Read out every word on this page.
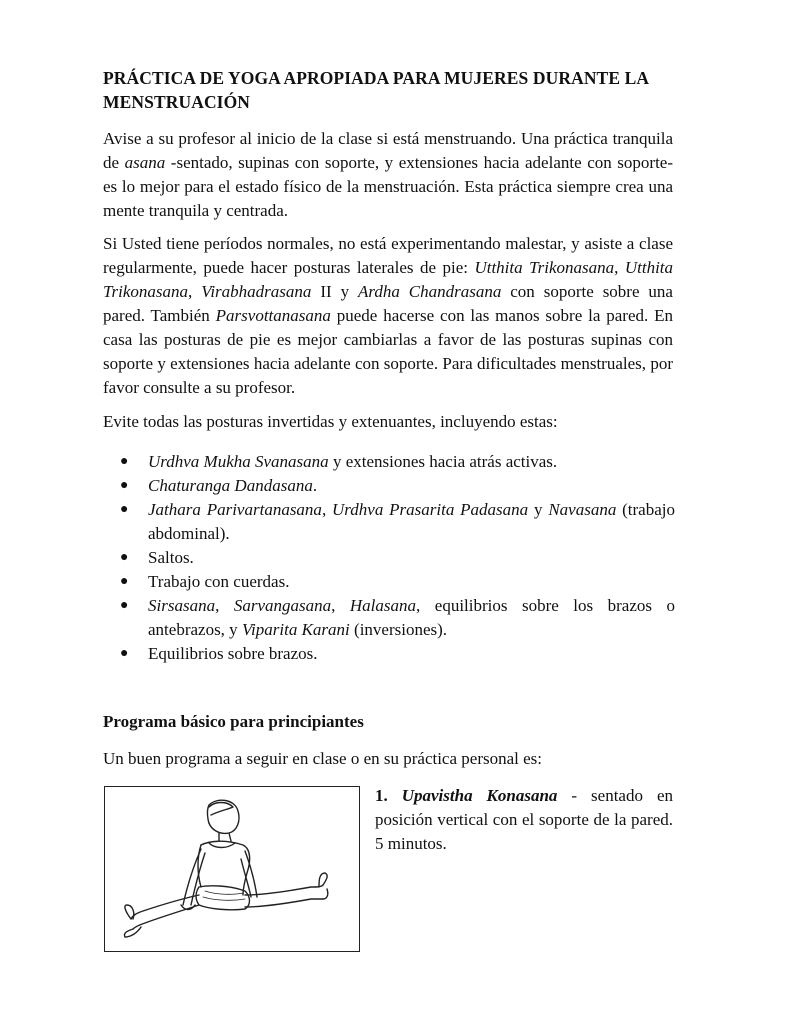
PRÁCTICA DE YOGA APROPIADA PARA MUJERES DURANTE LA MENSTRUACIÓN
Avise a su profesor al inicio de la clase si está menstruando. Una práctica tranquila de asana -sentado, supinas con soporte, y extensiones hacia adelante con soporte- es lo mejor para el estado físico de la menstruación. Esta práctica siempre crea una mente tranquila y centrada.
Si Usted tiene períodos normales, no está experimentando malestar, y asiste a clase regularmente, puede hacer posturas laterales de pie: Utthita Trikonasana, Utthita Trikonasana, Virabhadrasana II y Ardha Chandrasana con soporte sobre una pared. También Parsvottanasana puede hacerse con las manos sobre la pared. En casa las posturas de pie es mejor cambiarlas a favor de las posturas supinas con soporte y extensiones hacia adelante con soporte. Para dificultades menstruales, por favor consulte a su profesor.
Evite todas las posturas invertidas y extenuantes, incluyendo estas:
● Urdhva Mukha Svanasana y extensiones hacia atrás activas.
● Chaturanga Dandasana.
● Jathara Parivartanasana, Urdhva Prasarita Padasana y Navasana (trabajo abdominal).
● Saltos.
● Trabajo con cuerdas.
● Sirsasana, Sarvangasana, Halasana, equilibrios sobre los brazos o antebrazos, y Viparita Karani (inversiones).
● Equilibrios sobre brazos.
Programa básico para principiantes
Un buen programa a seguir en clase o en su práctica personal es:
1. Upavistha Konasana - sentado en posición vertical con el soporte de la pared. 5 minutos.
